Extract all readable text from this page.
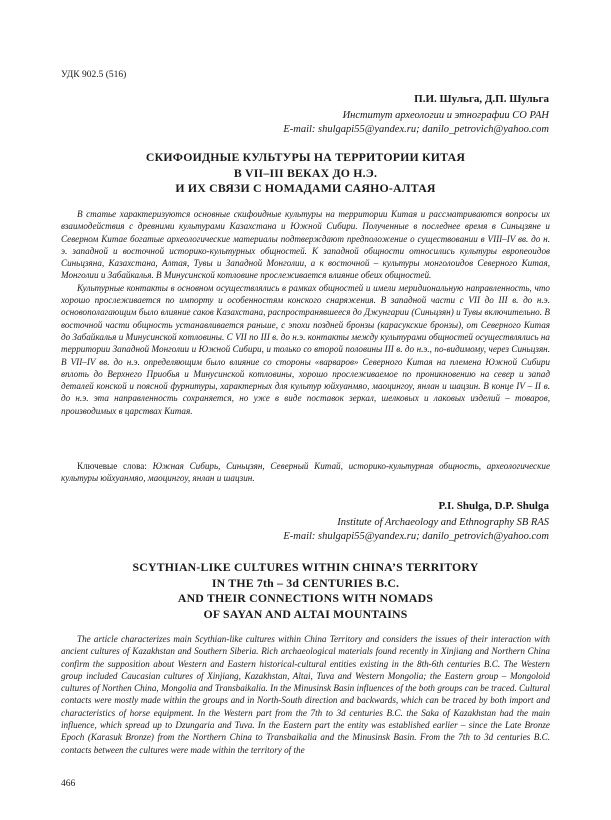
УДК 902.5 (516)
П.И. Шульга, Д.П. Шульга
Институт археологии и этнографии СО РАН
E-mail: shulgapi55@yandex.ru; danilo_petrovich@yahoo.com
СКИФОИДНЫЕ КУЛЬТУРЫ НА ТЕРРИТОРИИ КИТАЯ
В VII–III ВЕКАХ ДО Н.Э.
И ИХ СВЯЗИ С НОМАДАМИ САЯНО-АЛТАЯ

В статье характеризуются основные скифоидные культуры на территории Китая и рассматриваются вопросы их взаимодействия с древними культурами Казахстана и Южной Сибири. Полученные в последнее время в Синьцзяне и Северном Китае богатые археологические материалы подтверждают предположение о существовании в VIII–IV вв. до н. э. западной и восточной историко-культурных общностей. К западной общности относились культуры европеоидов Синьцзяна, Казахстана, Алтая, Тувы и Западной Монголии, а к восточной – культуры монголоидов Северного Китая, Монголии и Забайкалья. В Минусинской котловине прослеживается влияние обеих общностей.

Культурные контакты в основном осуществлялись в рамках общностей и имели меридиональную направленность, что хорошо прослеживается по импорту и особенностям конского снаряжения. В западной части с VII до III в. до н.э. основополагающим было влияние саков Казахстана, распространявшееся до Джунгарии (Синьцзян) и Тувы включительно. В восточной части общность устанавливается раньше, с эпохи поздней бронзы (карасукские бронзы), от Северного Китая до Забайкалья и Минусинской котловины. С VII по III в. до н.э. контакты между культурами общностей осуществлялись на территории Западной Монголии и Южной Сибири, и только со второй половины III в. до н.э., по-видимому, через Синьцзян. В VII–IV вв. до н.э. определяющим было влияние со стороны «варваров» Северного Китая на племена Южной Сибири вплоть до Верхнего Приобья и Минусинской котловины, хорошо прослеживаемое по проникновению на север и запад деталей конской и поясной фурнитуры, характерных для культур юйхуанмяо, маоцингоу, янлан и шацзин. В конце IV – II в. до н.э. эта направленность сохраняется, но уже в виде поставок зеркал, шелковых и лаковых изделий – товаров, производимых в царствах Китая.

Ключевые слова: Южная Сибирь, Синьцзян, Северный Китай, историко-культурная общность, археологические культуры юйхуанмяо, маоцингоу, янлан и шацзин.
P.I. Shulga, D.P. Shulga
Institute of Archaeology and Ethnography SB RAS
E-mail: shulgapi55@yandex.ru; danilo_petrovich@yahoo.com
SCYTHIAN-LIKE CULTURES WITHIN CHINA’S TERRITORY
IN THE 7th – 3d CENTURIES B.C.
AND THEIR CONNECTIONS WITH NOMADS
OF SAYAN AND ALTAI MOUNTAINS

The article characterizes main Scythian-like cultures within China Territory and considers the issues of their interaction with ancient cultures of Kazakhstan and Southern Siberia. Rich archaeological materials found recently in Xinjiang and Northern China confirm the supposition about Western and Eastern historical-cultural entities existing in the 8th-6th centuries B.C. The Western group included Caucasian cultures of Xinjiang, Kazakhstan, Altai, Tuva and Western Mongolia; the Eastern group – Mongoloid cultures of Northen China, Mongolia and Transbaikalia. In the Minusinsk Basin influences of the both groups can be traced. Cultural contacts were mostly made within the groups and in North-South direction and backwards, which can be traced by both import and characteristics of horse equipment. In the Western part from the 7th to 3d centuries B.C. the Saka of Kazakhstan had the main influence, which spread up to Dzungaria and Tuva. In the Eastern part the entity was established earlier – since the Late Bronze Epoch (Karasuk Bronze) from the Northern China to Transbaikalia and the Minusinsk Basin. From the 7th to 3d centuries B.C. contacts between the cultures were made within the territory of the

466
